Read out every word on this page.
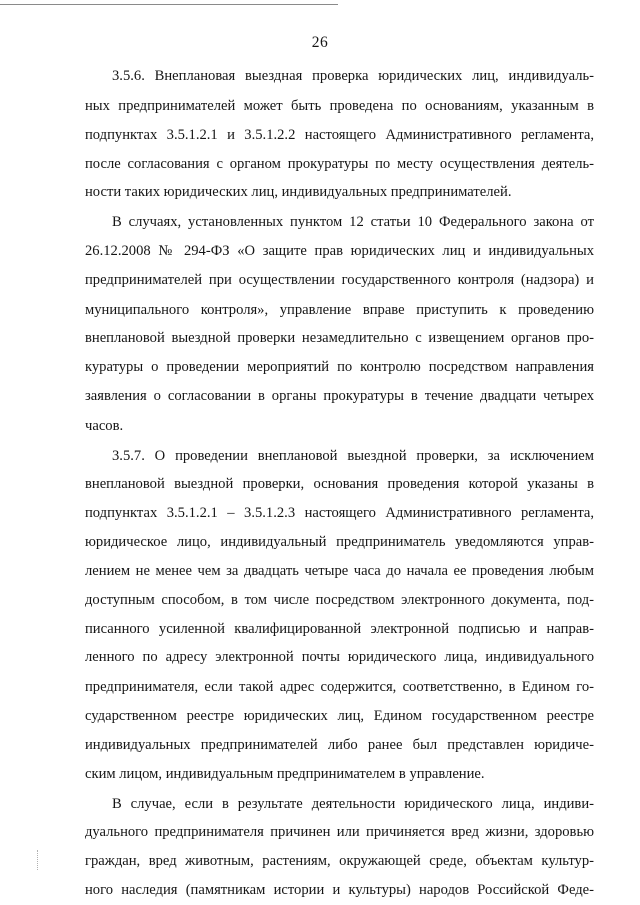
26
3.5.6. Внеплановая выездная проверка юридических лиц, индивидуаль-
ных предпринимателей может быть проведена по основаниям, указанным в
подпунктах 3.5.1.2.1 и 3.5.1.2.2 настоящего Административного регламента,
после согласования с органом прокуратуры по месту осуществления деятель-
ности таких юридических лиц, индивидуальных предпринимателей.
В случаях, установленных пунктом 12 статьи 10 Федерального закона от
26.12.2008 № 294-ФЗ «О защите прав юридических лиц и индивидуальных
предпринимателей при осуществлении государственного контроля (надзора) и
муниципального контроля», управление вправе приступить к проведению
внеплановой выездной проверки незамедлительно с извещением органов про-
куратуры о проведении мероприятий по контролю посредством направления
заявления о согласовании в органы прокуратуры в течение двадцати четырех
часов.
3.5.7. О проведении внеплановой выездной проверки, за исключением
внеплановой выездной проверки, основания проведения которой указаны в
подпунктах 3.5.1.2.1 – 3.5.1.2.3 настоящего Административного регламента,
юридическое лицо, индивидуальный предприниматель уведомляются управ-
лением не менее чем за двадцать четыре часа до начала ее проведения любым
доступным способом, в том числе посредством электронного документа, под-
писанного усиленной квалифицированной электронной подписью и направ-
ленного по адресу электронной почты юридического лица, индивидуального
предпринимателя, если такой адрес содержится, соответственно, в Едином го-
сударственном реестре юридических лиц, Едином государственном реестре
индивидуальных предпринимателей либо ранее был представлен юридиче-
ским лицом, индивидуальным предпринимателем в управление.
В случае, если в результате деятельности юридического лица, индиви-
дуального предпринимателя причинен или причиняется вред жизни, здоровью
граждан, вред животным, растениям, окружающей среде, объектам культур-
ного наследия (памятникам истории и культуры) народов Российской Феде-
